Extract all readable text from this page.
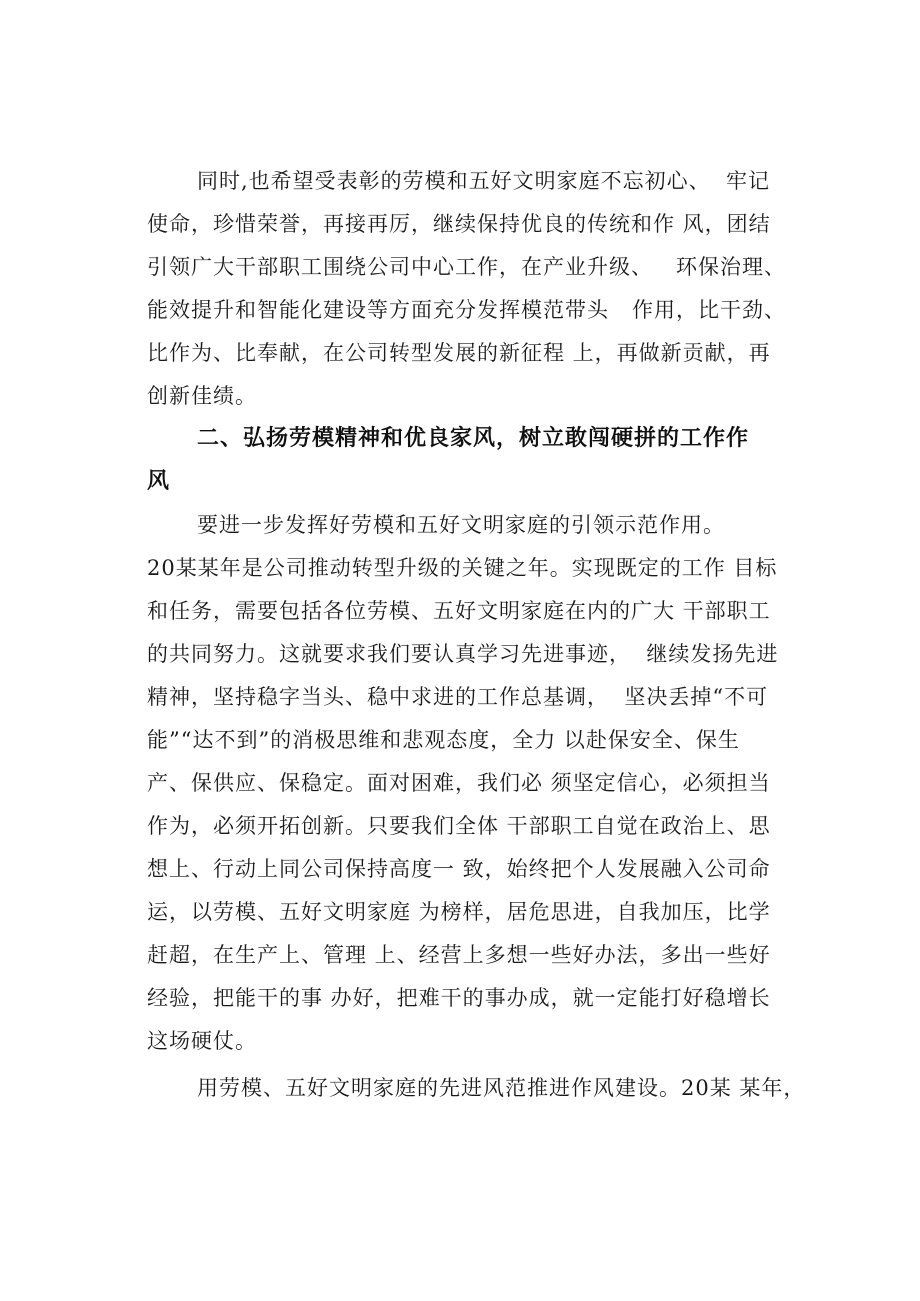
同时,也希望受表彰的劳模和五好文明家庭不忘初心、  牢记

使命，珍惜荣誉，再接再厉，继续保持优良的传统和作 风，团结

引领广大干部职工围绕公司中心工作，在产业升级、   环保治理、

能效提升和智能化建设等方面充分发挥模范带头   作用，比干劲、

比作为、比奉献，在公司转型发展的新征程 上，再做新贡献，再

创新佳绩。

二、弘扬劳模精神和优良家风，树立敢闯硬拼的工作作

风

要进一步发挥好劳模和五好文明家庭的引领示范作用。

20某某年是公司推动转型升级的关键之年。实现既定的工作 目标

和任务，需要包括各位劳模、五好文明家庭在内的广大 干部职工

的共同努力。这就要求我们要认真学习先进事迹，  继续发扬先进

精神，坚持稳字当头、稳中求进的工作总基调，  坚决丢掉“不可

能”“达不到”的消极思维和悲观态度，全力 以赴保安全、保生

产、保供应、保稳定。面对困难，我们必 须坚定信心，必须担当

作为，必须开拓创新。只要我们全体 干部职工自觉在政治上、思

想上、行动上同公司保持高度一 致，始终把个人发展融入公司命

运，以劳模、五好文明家庭 为榜样，居危思进，自我加压，比学

赶超，在生产上、管理 上、经营上多想一些好办法，多出一些好

经验，把能干的事 办好，把难干的事办成，就一定能打好稳增长

这场硬仗。

用劳模、五好文明家庭的先进风范推进作风建设。20某 某年，
